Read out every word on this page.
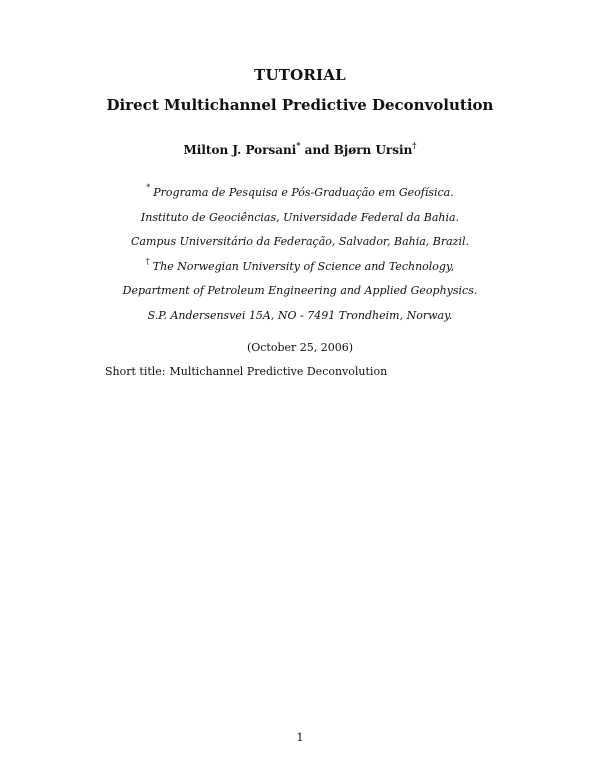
TUTORIAL
Direct Multichannel Predictive Deconvolution
Milton J. Porsani* and Bjørn Ursin†
* Programa de Pesquisa e Pós-Graduação em Geofísica.
Instituto de Geociências, Universidade Federal da Bahia.
Campus Universitário da Federação, Salvador, Bahia, Brazil.
† The Norwegian University of Science and Technology,
Department of Petroleum Engineering and Applied Geophysics.
S.P. Andersensvei 15A, NO - 7491 Trondheim, Norway.
(October 25, 2006)
Short title: Multichannel Predictive Deconvolution
1
